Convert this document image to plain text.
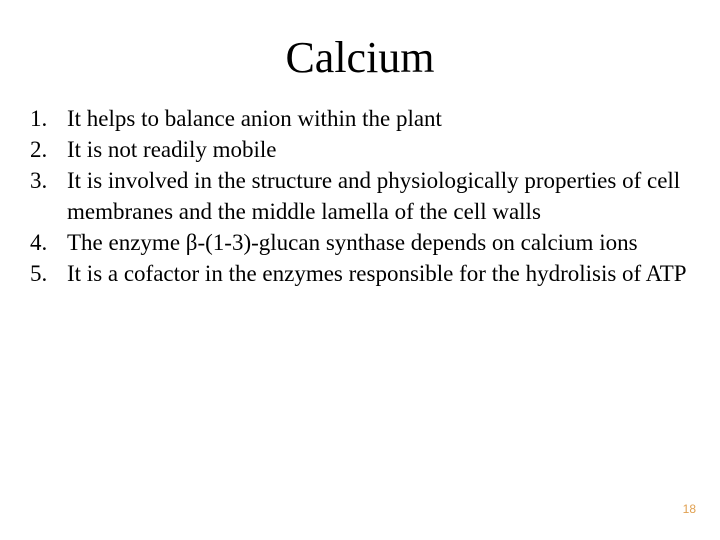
Calcium
1. It helps to balance anion within the plant
2. It is not readily mobile
3. It is involved in the structure and physiologically properties of cell membranes and the middle lamella of the cell walls
4. The enzyme β-(1-3)-glucan synthase depends on calcium ions
5. It is a cofactor in the enzymes responsible for the hydrolisis of ATP
18
